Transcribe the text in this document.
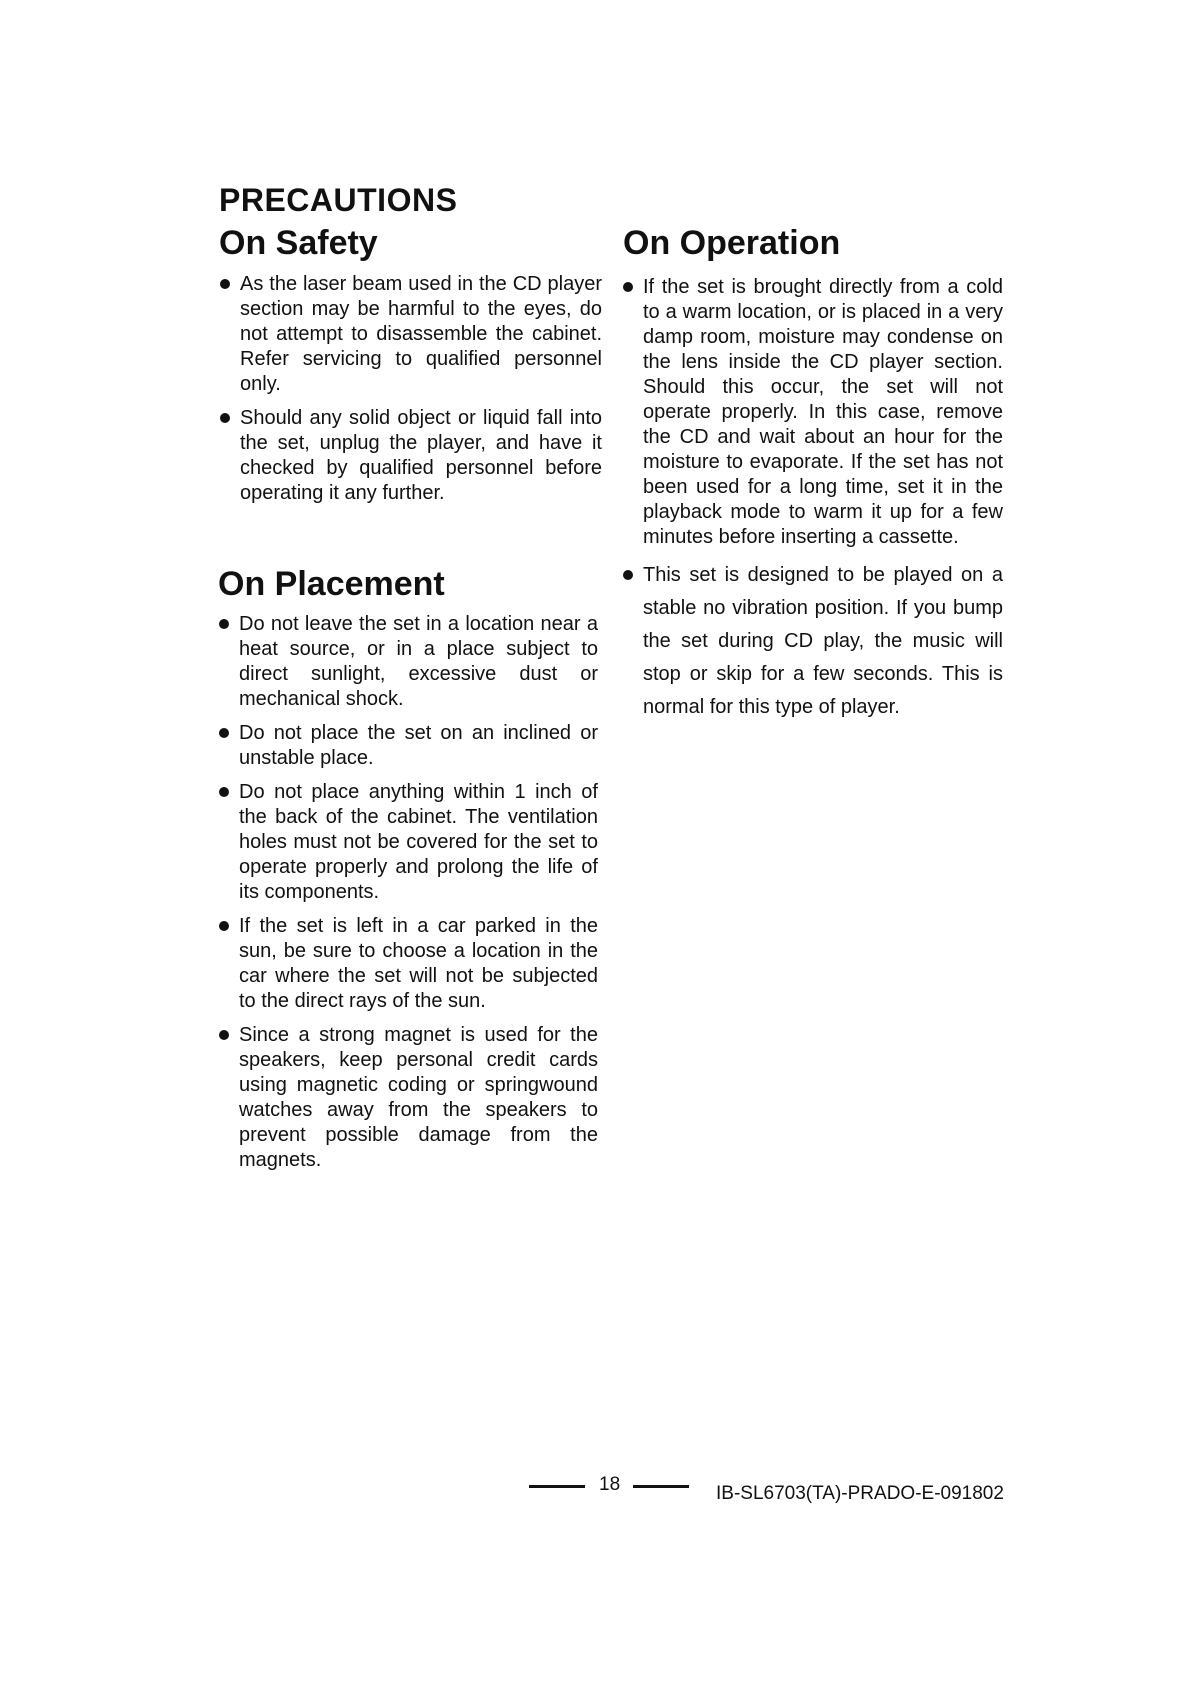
PRECAUTIONS
On Safety
As the laser beam used in the CD player section may be harmful to the eyes, do not attempt to disassemble the cabinet. Refer servicing to qualified personnel only.
Should any solid object or liquid fall into the set, unplug the player, and have it checked by qualified personnel before operating it any further.
On Placement
Do not leave the set in a location near a heat source, or in a place subject to direct sunlight, excessive dust or mechanical shock.
Do not place the set on an inclined or unstable place.
Do not place anything within 1 inch of the back of the cabinet. The ventilation holes must not be covered for the set to operate properly and prolong the life of its components.
If the set is left in a car parked in the sun, be sure to choose a location in the car where the set will not be subjected to the direct rays of the sun.
Since a strong magnet is used for the speakers, keep personal credit cards using magnetic coding or springwound watches away from the speakers to prevent possible damage from the magnets.
On Operation
If the set is brought directly from a cold to a warm location, or is placed in a very damp room, moisture may condense on the lens inside the CD player section. Should this occur, the set will not operate properly. In this case, remove the CD and wait about an hour for the moisture to evaporate. If the set has not been used for a long time, set it in the playback mode to warm it up for a few minutes before inserting a cassette.
This set is designed to be played on a stable no vibration position. If you bump the set during CD play, the music will stop or skip for a few seconds. This is normal for this type of player.
18	IB-SL6703(TA)-PRADO-E-091802
